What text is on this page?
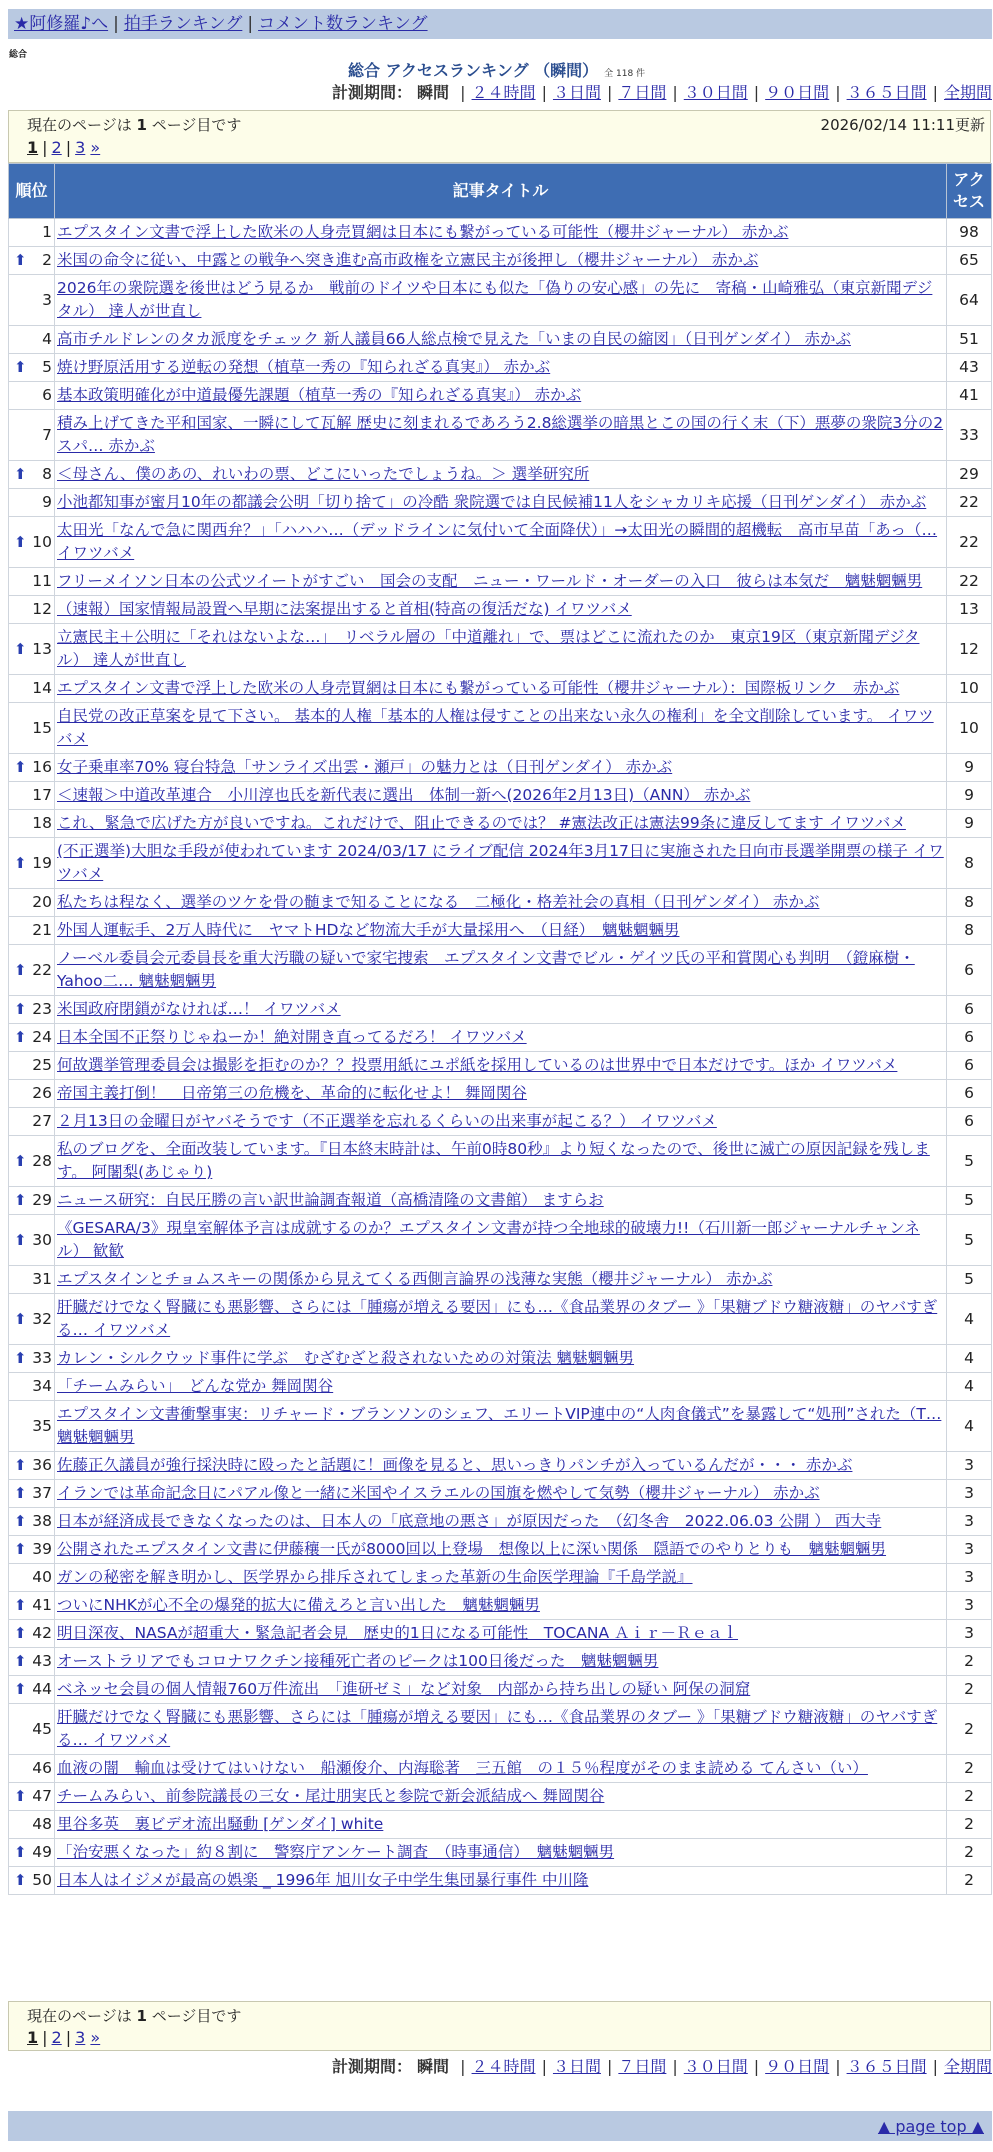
★阿修羅♪へ | 拍手ランキング | コメント数ランキング
総合
総合 アクセスランキング （瞬間） 全 118 件
計測期間： 瞬間 | ２４時間 | ３日間 | ７日間 | ３０日間 | ９０日間 | ３６５日間 | 全期間
現在のページは 1 ページ目です	2026/02/14 11:11更新
1 | 2 | 3 »
順位	記事タイトル	アクセス
1	エプスタイン文書で浮上した欧米の人身売買網は日本にも繋がっている可能性（櫻井ジャーナル） 赤かぶ	98

⬆ 2	米国の命令に従い、中露との戦争へ突き進む高市政権を立憲民主が後押し（櫻井ジャーナル） 赤かぶ	65
3	2026年の衆院選を後世はどう見るか　戦前のドイツや日本にも似た「偽りの安心感」の先に　寄稿・山崎雅弘（東京新聞デジタル） 達人が世直し	64
4	高市チルドレンのタカ派度をチェック 新人議員66人総点検で見えた「いまの自民の縮図」（日刊ゲンダイ） 赤かぶ	51

⬆ 5	焼け野原活用する逆転の発想（植草一秀の『知られざる真実』） 赤かぶ	43
6	基本政策明確化が中道最優先課題（植草一秀の『知られざる真実』） 赤かぶ	41
7	積み上げてきた平和国家、一瞬にして瓦解 歴史に刻まれるであろう2.8総選挙の暗黒とこの国の行く末（下）悪夢の衆院3分の2 スパ… 赤かぶ	33

⬆ 8	＜母さん、僕のあの、れいわの票、どこにいったでしょうね。＞ 選挙研究所	29
9	小池都知事が蜜月10年の都議会公明「切り捨て」の冷酷 衆院選では自民候補11人をシャカリキ応援（日刊ゲンダイ） 赤かぶ	22

⬆ 10	太田光「なんで急に関西弁？」「ハハハ…（デッドラインに気付いて全面降伏）」→太田光の瞬間的超機転　高市早苗「あっ（… イワツバメ	22
11	フリーメイソン日本の公式ツイートがすごい　国会の支配　ニュー・ワールド・オーダーの入口　彼らは本気だ　魑魅魍魎男	22
12	（速報）国家情報局設置へ早期に法案提出すると首相(特高の復活だな) イワツバメ	13

⬆ 13	立憲民主＋公明に「それはないよな…」　リベラル層の「中道離れ」で、票はどこに流れたのか　東京19区（東京新聞デジタル） 達人が世直し	12
14	エプスタイン文書で浮上した欧米の人身売買網は日本にも繋がっている可能性（櫻井ジャーナル）：国際板リンク　赤かぶ	10
15	自民党の改正草案を見て下さい。 基本的人権「基本的人権は侵すことの出来ない永久の権利」を全文削除しています。 イワツバメ	10

⬆ 16	女子乗車率70% 寝台特急「サンライズ出雲・瀬戸」の魅力とは（日刊ゲンダイ） 赤かぶ	9
17	＜速報＞中道改革連合　小川淳也氏を新代表に選出　体制一新へ(2026年2月13日)（ANN） 赤かぶ	9
18	これ、緊急で広げた方が良いですね。これだけで、阻止できるのでは？ #憲法改正は憲法99条に違反してます イワツバメ	9

⬆ 19	(不正選挙)大胆な手段が使われています 2024/03/17 にライブ配信 2024年3月17日に実施された日向市長選挙開票の様子 イワツバメ	8
20	私たちは程なく、選挙のツケを骨の髄まで知ることになる　二極化・格差社会の真相（日刊ゲンダイ） 赤かぶ	8
21	外国人運転手、2万人時代に　ヤマトHDなど物流大手が大量採用へ　（日経）　魑魅魍魎男	8

⬆ 22	ノーベル委員会元委員長を重大汚職の疑いで家宅捜索　エプスタイン文書でビル・ゲイツ氏の平和賞関心も判明　（鐙麻樹・Yahoo二… 魑魅魍魎男	6

⬆ 23	米国政府閉鎖がなければ…！ イワツバメ	6

⬆ 24	日本全国不正祭りじゃねーか！絶対開き直ってるだろ！ イワツバメ	6
25	何故選挙管理委員会は撮影を拒むのか？？投票用紙にユポ紙を採用しているのは世界中で日本だけです。ほか イワツバメ	6
26	帝国主義打倒！　日帝第三の危機を、革命的に転化せよ！ 舞岡関谷	6
27	２月13日の金曜日がヤバそうです（不正選挙を忘れるくらいの出来事が起こる？） イワツバメ	6

⬆ 28	私のブログを、全面改装しています。『日本終末時計は、午前0時80秒』より短くなったので、後世に滅亡の原因記録を残します。 阿闍梨(あじゃり)	5

⬆ 29	ニュース研究：自民圧勝の言い訳世論調査報道（高橋清隆の文書館） ますらお	5

⬆ 30	《GESARA/3》現皇室解体予言は成就するのか？エプスタイン文書が持つ全地球的破壊力!!（石川新一郎ジャーナルチャンネル） 歓歓	5
31	エプスタインとチョムスキーの関係から見えてくる西側言論界の浅薄な実態（櫻井ジャーナル） 赤かぶ	5

⬆ 32	肝臓だけでなく腎臓にも悪影響、さらには「腫瘍が増える要因」にも…《食品業界のタブー 》「果糖ブドウ糖液糖」のヤバすぎる… イワツバメ	4

⬆ 33	カレン・シルクウッド事件に学ぶ　むざむざと殺されないための対策法 魑魅魍魎男	4
34	「チームみらい」　どんな党か 舞岡関谷	4
35	エプスタイン文書衝撃事実：リチャード・ブランソンのシェフ、エリートVIP連中の“人肉食儀式”を暴露して“処刑”された（T… 魑魅魍魎男	4

⬆ 36	佐藤正久議員が強行採決時に殴ったと話題に！画像を見ると、思いっきりパンチが入っているんだが・・・ 赤かぶ	3

⬆ 37	イランでは革命記念日にパアル像と一緒に米国やイスラエルの国旗を燃やして気勢（櫻井ジャーナル） 赤かぶ	3

⬆ 38	日本が経済成長できなくなったのは、日本人の「底意地の悪さ」が原因だった　（幻冬舎　2022.06.03 公開 ） 西大寺	3

⬆ 39	公開されたエプスタイン文書に伊藤穰一氏が8000回以上登場　想像以上に深い関係　隠語でのやりとりも　魑魅魍魎男	3
40	ガンの秘密を解き明かし、医学界から排斥されてしまった革新の生命医学理論『千島学説』	3

⬆ 41	ついにNHKが心不全の爆発的拡大に備えろと言い出した　魑魅魍魎男	3

⬆ 42	明日深夜、NASAが超重大・緊急記者会見　歴史的1日になる可能性　TOCANA Ａｉｒ－Ｒｅａｌ	3

⬆ 43	オーストラリアでもコロナワクチン接種死亡者のピークは100日後だった　魑魅魍魎男	2

⬆ 44	ベネッセ会員の個人情報760万件流出　「進研ゼミ」など対象　内部から持ち出しの疑い 阿保の洞窟	2
45	肝臓だけでなく腎臓にも悪影響、さらには「腫瘍が増える要因」にも…《食品業界のタブー 》「果糖ブドウ糖液糖」のヤバすぎる… イワツバメ	2
46	血液の闇　輸血は受けてはいけない　船瀬俊介、内海聡著　三五館　の１５％程度がそのまま読める てんさい（い）	2

⬆ 47	チームみらい、前参院議長の三女・尾辻朋実氏と参院で新会派結成へ 舞岡関谷	2
48	里谷多英　裏ビデオ流出騒動 [ゲンダイ] white	2

⬆ 49	「治安悪くなった」約８割に　警察庁アンケート調査　（時事通信）　魑魅魍魎男	2

⬆ 50	日本人はイジメが最高の娯楽 _ 1996年 旭川女子中学生集団暴行事件 中川隆	2
現在のページは 1 ページ目です
1 | 2 | 3 »
計測期間： 瞬間 | ２４時間 | ３日間 | ７日間 | ３０日間 | ９０日間 | ３６５日間 | 全期間
▲ page top ▲
